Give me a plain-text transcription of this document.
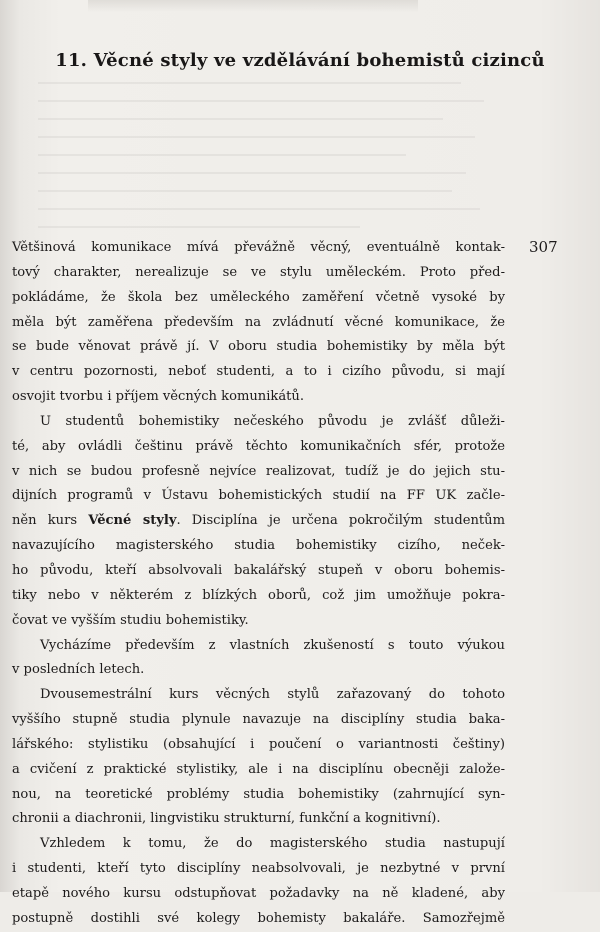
11. Věcné styly ve vzdělávání bohemistů cizinců
307
Většinová komunikace mívá převážně věcný, eventuálně kontak-
tový charakter, nerealizuje se ve stylu uměleckém. Proto před-
pokládáme, že škola bez uměleckého zaměření včetně vysoké by
měla být zaměřena především na zvládnutí věcné komunikace, že
se bude věnovat právě jí. V oboru studia bohemistiky by měla být
v centru pozornosti, neboť studenti, a to i cizího původu, si mají
osvojit tvorbu i příjem věcných komunikátů.
U studentů bohemistiky nečeského původu je zvlášť důleži-
té, aby ovládli češtinu právě těchto komunikačních sfér, protože
v nich se budou profesně nejvíce realizovat, tudíž je do jejich stu-
dijních programů v Ústavu bohemistických studií na FF UK začle-
něn kurs Věcné styly. Disciplína je určena pokročilým studentům
navazujícího magisterského studia bohemistiky cizího, neček-
ho původu, kteří absolvovali bakalářský stupeň v oboru bohemis-
tiky nebo v některém z blízkých oborů, což jim umožňuje pokra-
čovat ve vyšším studiu bohemistiky.
Vycházíme především z vlastních zkušeností s touto výukou
v posledních letech.
Dvousemestrální kurs věcných stylů zařazovaný do tohoto
vyššího stupně studia plynule navazuje na disciplíny studia baka-
lářského: stylistiku (obsahující i poučení o variantnosti češtiny)
a cvičení z praktické stylistiky, ale i na disciplínu obecněji založe-
nou, na teoretické problémy studia bohemistiky (zahrnující syn-
chronii a diachronii, lingvistiku strukturní, funkční a kognitivní).
Vzhledem k tomu, že do magisterského studia nastupují
i studenti, kteří tyto disciplíny neabsolvovali, je nezbytné v první
etapě nového kursu odstupňovat požadavky na ně kladené, aby
postupně dostihli své kolegy bohemisty bakaláře. Samozřejmě
